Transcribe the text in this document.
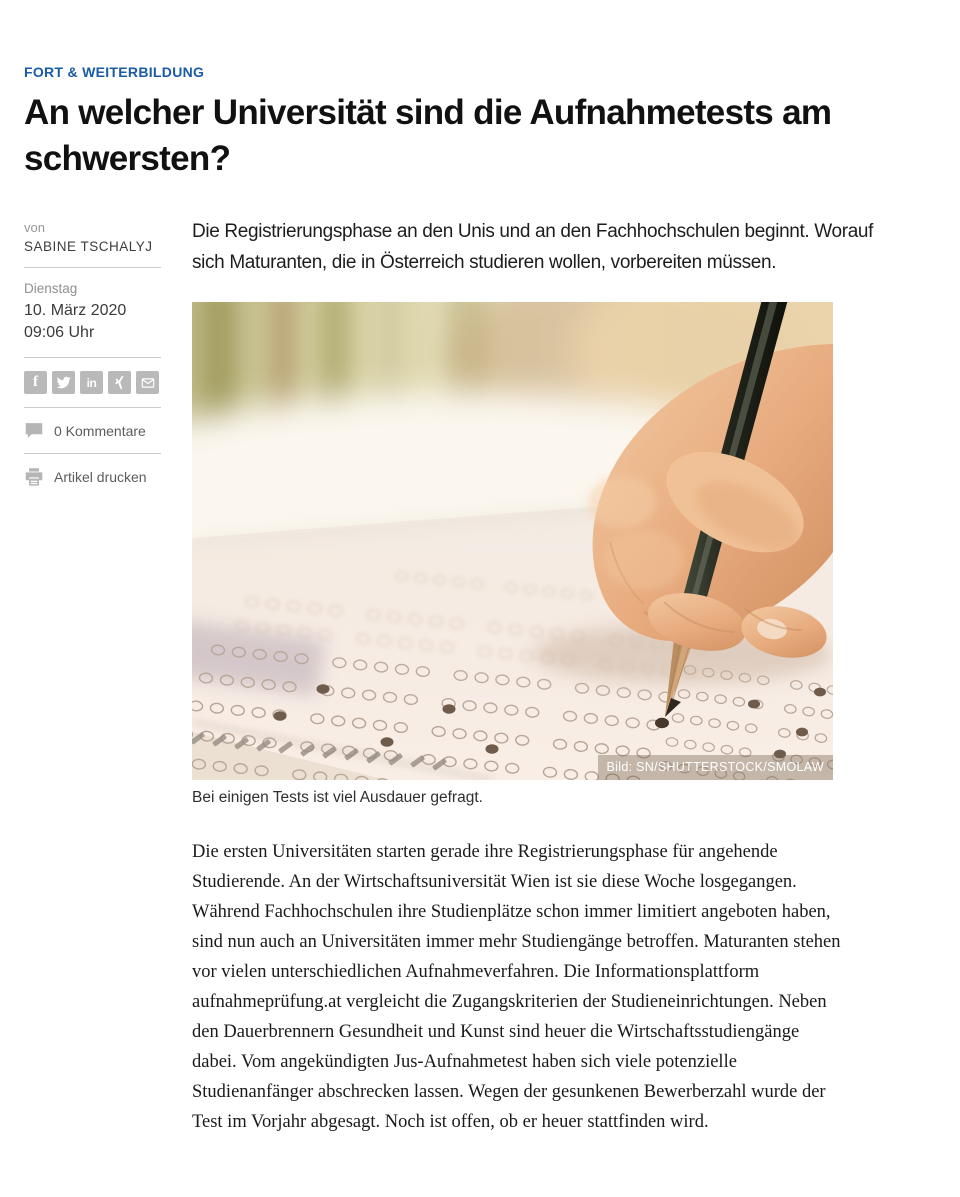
FORT & WEITERBILDUNG
An welcher Universität sind die Aufnahmetests am schwersten?
von
SABINE TSCHALYJ
Dienstag
10. März 2020 09:06 Uhr
f	in
0 Kommentare
Artikel drucken

Die Registrierungsphase an den Unis und an den Fachhochschulen beginnt. Worauf sich Maturanten, die in Österreich studieren wollen, vorbereiten müssen.

Bild: SN/SHUTTERSTOCK/SMOLAW
Bei einigen Tests ist viel Ausdauer gefragt.

Die ersten Universitäten starten gerade ihre Registrierungsphase für angehende Studierende. An der Wirtschaftsuniversität Wien ist sie diese Woche losgegangen. Während Fachhochschulen ihre Studienplätze schon immer limitiert angeboten haben, sind nun auch an Universitäten immer mehr Studiengänge betroffen. Maturanten stehen vor vielen unterschiedlichen Aufnahmeverfahren. Die Informationsplattform aufnahmeprüfung.at vergleicht die Zugangskriterien der Studieneinrichtungen. Neben den Dauerbrennern Gesundheit und Kunst sind heuer die Wirtschaftsstudiengänge dabei. Vom angekündigten Jus-Aufnahmetest haben sich viele potenzielle Studienanfänger abschrecken lassen. Wegen der gesunkenen Bewerberzahl wurde der Test im Vorjahr abgesagt. Noch ist offen, ob er heuer stattfinden wird.
